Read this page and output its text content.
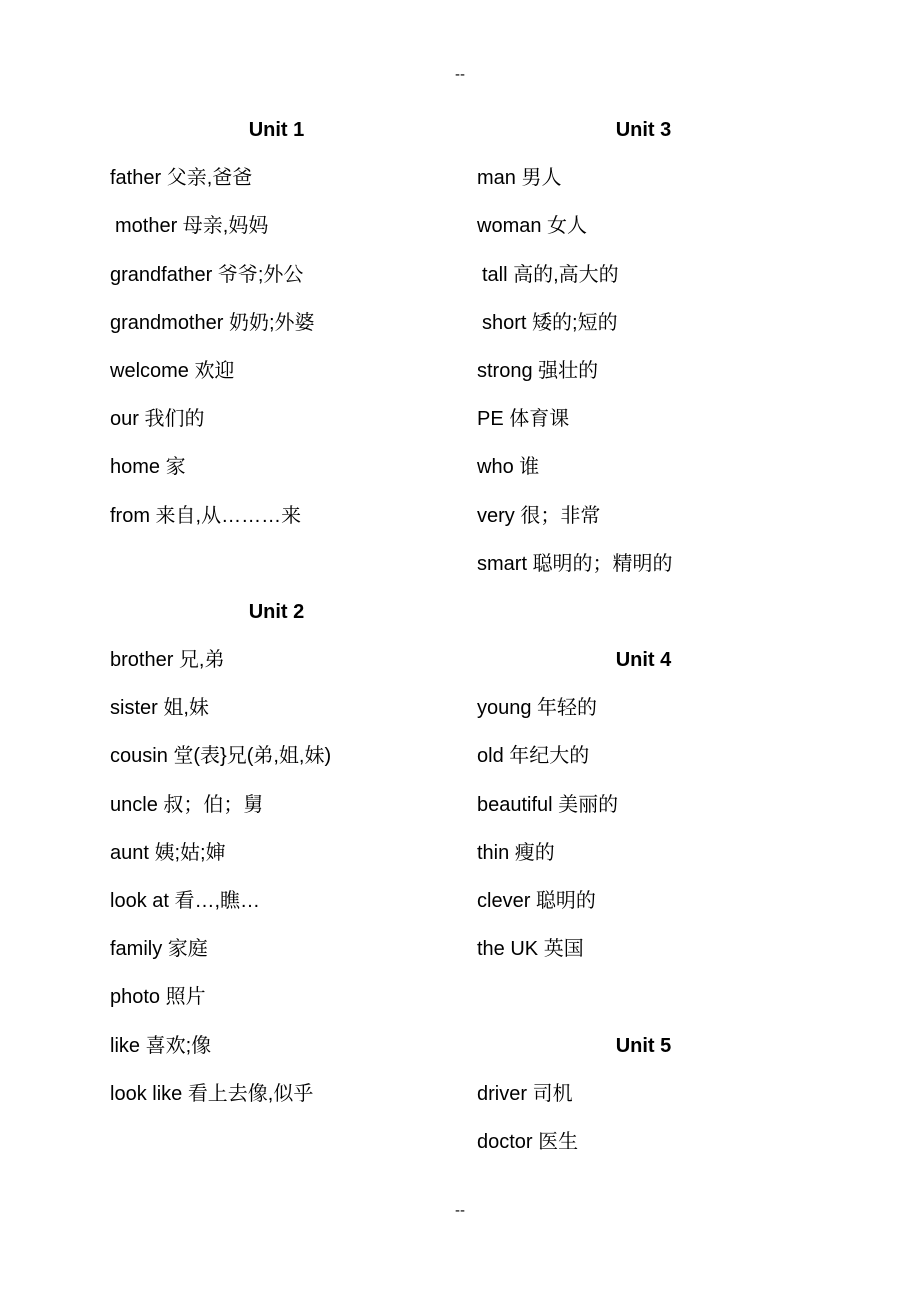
--
Unit 1
father 父亲,爸爸
mother 母亲,妈妈
grandfather 爷爷;外公
grandmother 奶奶;外婆
welcome 欢迎
our 我们的
home 家
from 来自,从………来
Unit 2
brother 兄,弟
sister 姐,妹
cousin 堂(表}兄(弟,姐,妹)
uncle 叔；伯；舅
aunt 姨;姑;婶
look at 看…,瞧…
family 家庭
photo 照片
like 喜欢;像
look like 看上去像,似乎
Unit 3
man 男人
woman 女人
tall 高的,高大的
short 矮的;短的
strong 强壮的
PE 体育课
who 谁
very 很；非常
smart 聪明的；精明的
Unit 4
young 年轻的
old 年纪大的
beautiful 美丽的
thin 瘦的
clever 聪明的
the UK 英国
Unit 5
driver 司机
doctor 医生
--
